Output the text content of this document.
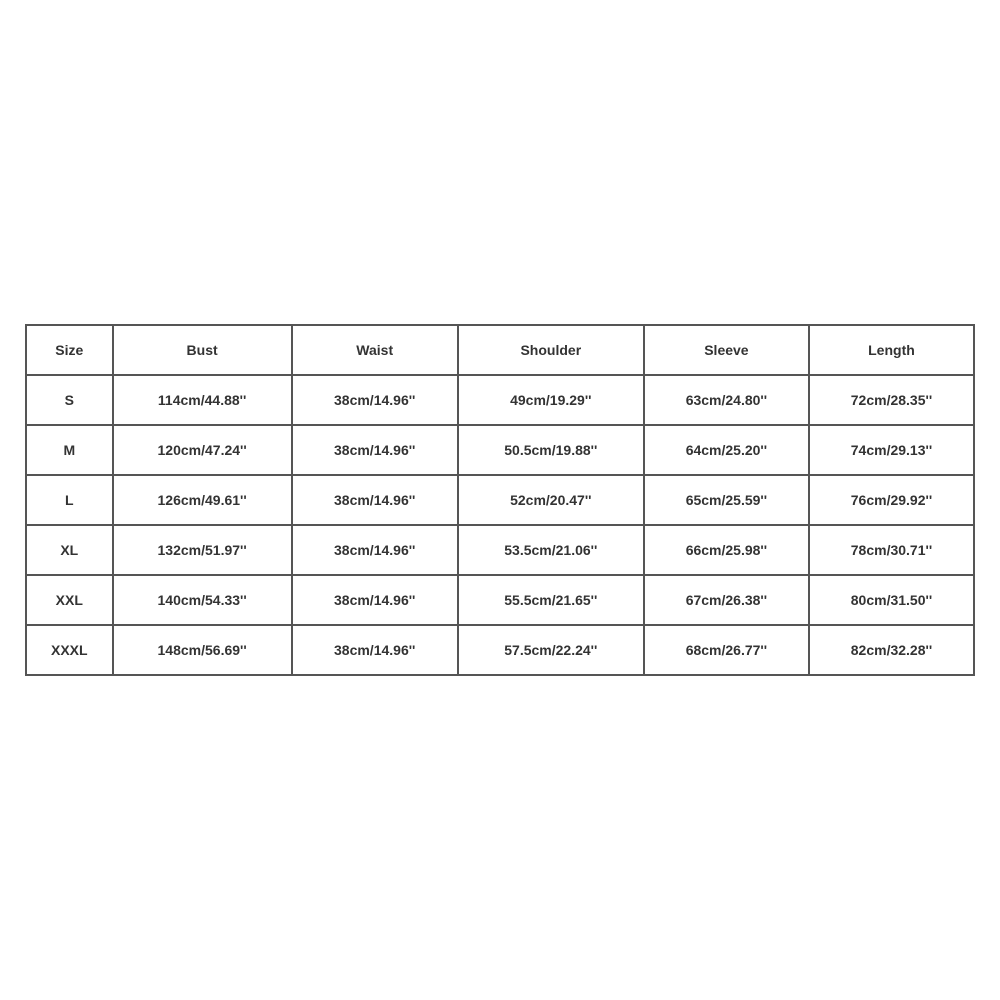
Size	Bust	Waist	Shoulder	Sleeve	Length
S	114cm/44.88''	38cm/14.96''	49cm/19.29''	63cm/24.80''	72cm/28.35''
M	120cm/47.24''	38cm/14.96''	50.5cm/19.88''	64cm/25.20''	74cm/29.13''
L	126cm/49.61''	38cm/14.96''	52cm/20.47''	65cm/25.59''	76cm/29.92''
XL	132cm/51.97''	38cm/14.96''	53.5cm/21.06''	66cm/25.98''	78cm/30.71''
XXL	140cm/54.33''	38cm/14.96''	55.5cm/21.65''	67cm/26.38''	80cm/31.50''
XXXL	148cm/56.69''	38cm/14.96''	57.5cm/22.24''	68cm/26.77''	82cm/32.28''
